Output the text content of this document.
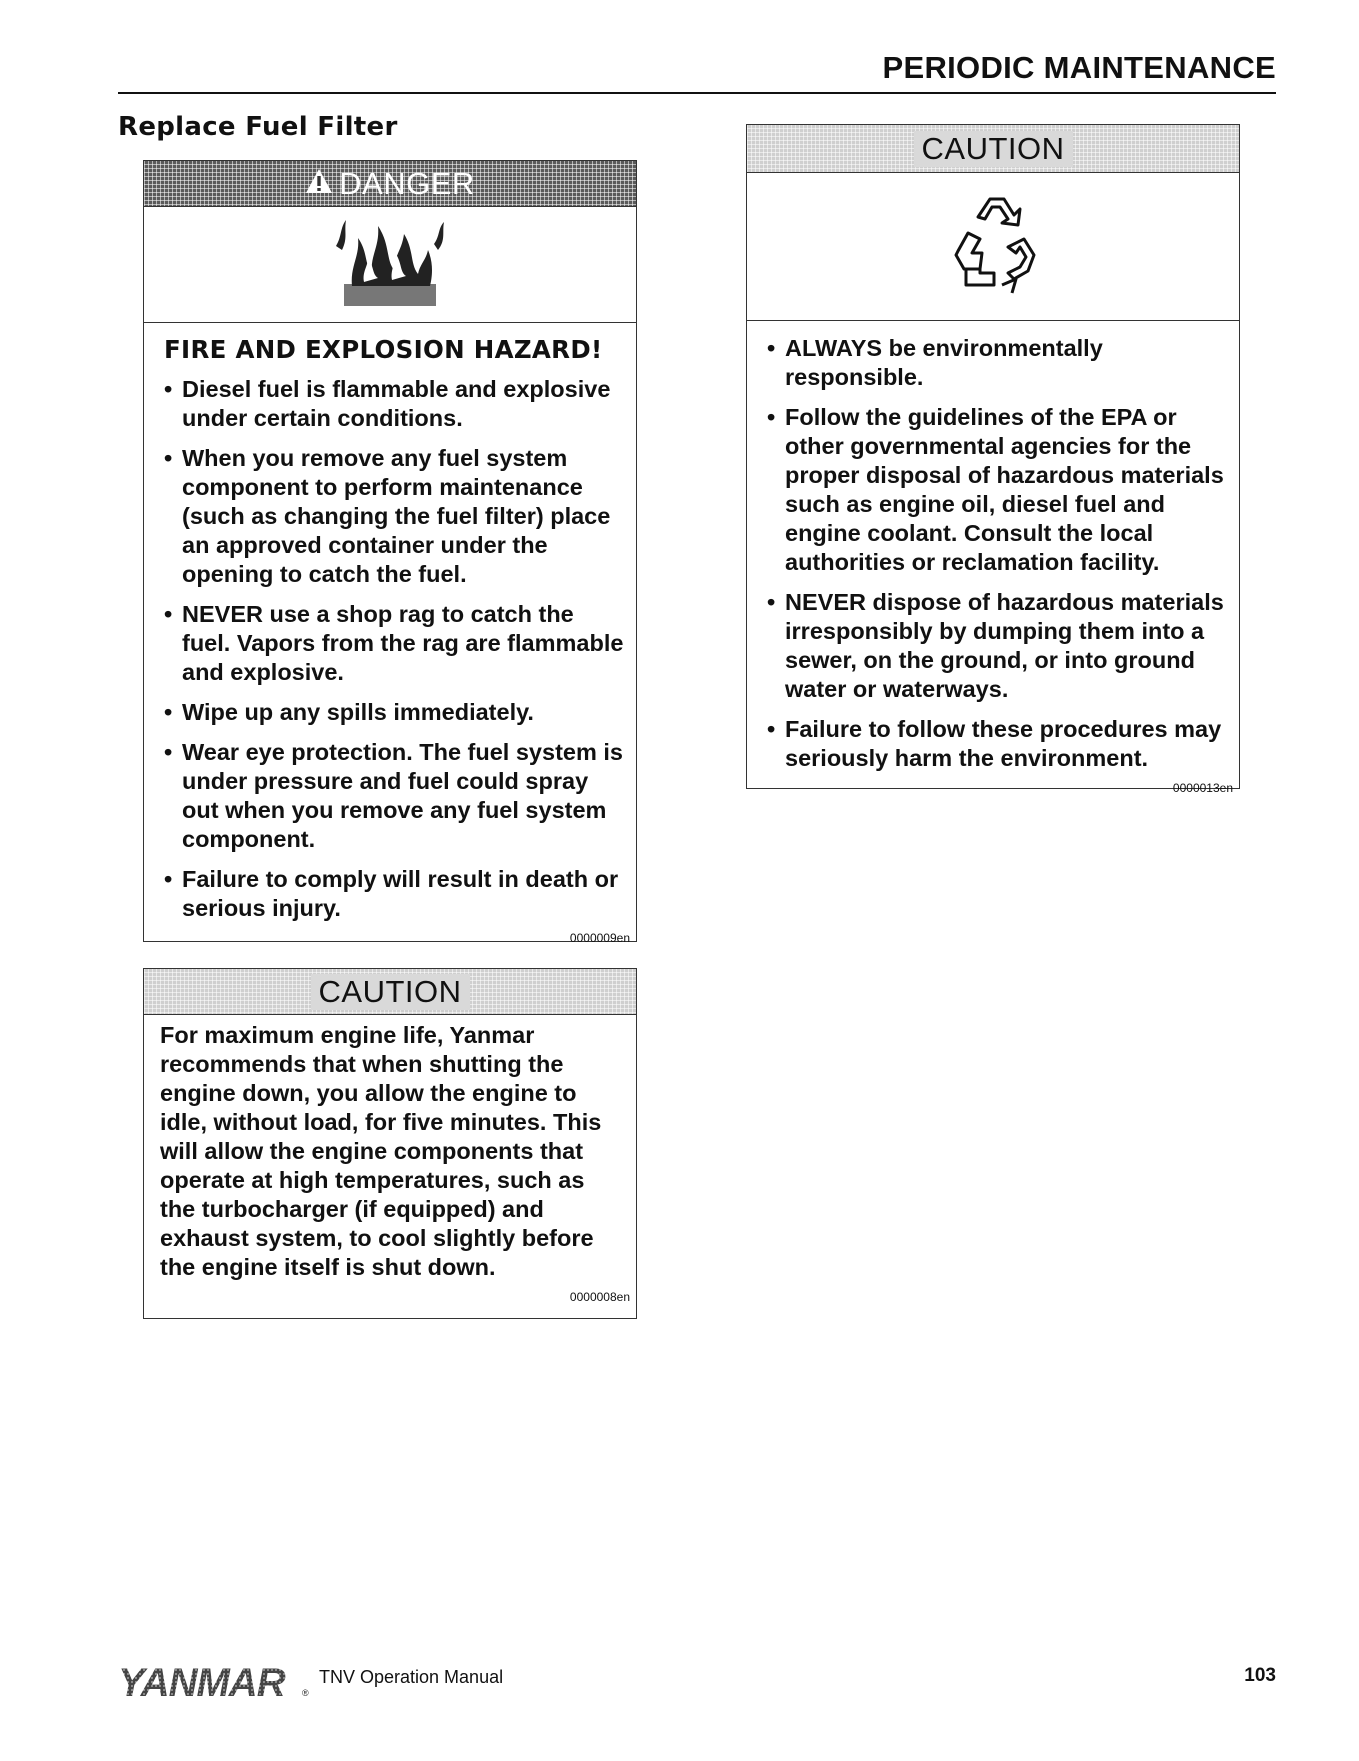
PERIODIC MAINTENANCE
Replace Fuel Filter
DANGER
FIRE AND EXPLOSION HAZARD!
• Diesel fuel is flammable and explosive under certain conditions.
• When you remove any fuel system component to perform maintenance (such as changing the fuel filter) place an approved container under the opening to catch the fuel.
• NEVER use a shop rag to catch the fuel. Vapors from the rag are flammable and explosive.
• Wipe up any spills immediately.
• Wear eye protection. The fuel system is under pressure and fuel could spray out when you remove any fuel system component.
• Failure to comply will result in death or serious injury.
0000009en
CAUTION
For maximum engine life, Yanmar recommends that when shutting the engine down, you allow the engine to idle, without load, for five minutes. This will allow the engine components that operate at high temperatures, such as the turbocharger (if equipped) and exhaust system, to cool slightly before the engine itself is shut down.
0000008en
CAUTION
• ALWAYS be environmentally responsible.
• Follow the guidelines of the EPA or other governmental agencies for the proper disposal of hazardous materials such as engine oil, diesel fuel and engine coolant. Consult the local authorities or reclamation facility.
• NEVER dispose of hazardous materials irresponsibly by dumping them into a sewer, on the ground, or into ground water or waterways.
• Failure to follow these procedures may seriously harm the environment.
0000013en
YANMAR ®
TNV Operation Manual	103
